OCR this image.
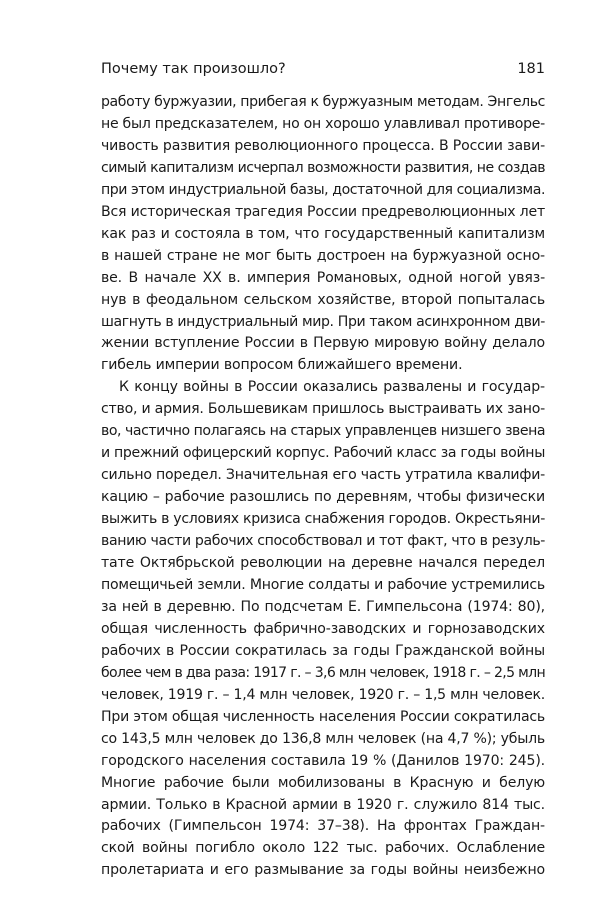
Почему так произошло?	181
работу буржуазии, прибегая к буржуазным методам. Энгельс
не был предсказателем, но он хорошо улавливал противоре-
чивость развития революционного процесса. В России зави-
симый капитализм исчерпал возможности развития, не создав
при этом индустриальной базы, достаточной для социализма.
Вся историческая трагедия России предреволюционных лет
как раз и состояла в том, что государственный капитализм
в нашей стране не мог быть достроен на буржуазной осно-
ве. В начале XX в. империя Романовых, одной ногой увяз-
нув в феодальном сельском хозяйстве, второй попыталась
шагнуть в индустриальный мир. При таком асинхронном дви-
жении вступление России в Первую мировую войну делало
гибель империи вопросом ближайшего времени.
К концу войны в России оказались развалены и государ-
ство, и армия. Большевикам пришлось выстраивать их зано-
во, частично полагаясь на старых управленцев низшего звена
и прежний офицерский корпус. Рабочий класс за годы войны
сильно поредел. Значительная его часть утратила квалифи-
кацию – рабочие разошлись по деревням, чтобы физически
выжить в условиях кризиса снабжения городов. Окрестьяни-
ванию части рабочих способствовал и тот факт, что в резуль-
тате Октябрьской революции на деревне начался передел
помещичьей земли. Многие солдаты и рабочие устремились
за ней в деревню. По подсчетам Е. Гимпельсона (1974: 80),
общая численность фабрично-заводских и горнозаводских
рабочих в России сократилась за годы Гражданской войны
более чем в два раза: 1917 г. – 3,6 млн человек, 1918 г. – 2,5 млн
человек, 1919 г. – 1,4 млн человек, 1920 г. – 1,5 млн человек.
При этом общая численность населения России сократилась
со 143,5 млн человек до 136,8 млн человек (на 4,7 %); убыль
городского населения составила 19 % (Данилов 1970: 245).
Многие рабочие были мобилизованы в Красную и белую
армии. Только в Красной армии в 1920 г. служило 814 тыс.
рабочих (Гимпельсон 1974: 37–38). На фронтах Граждан-
ской войны погибло около 122 тыс. рабочих. Ослабление
пролетариата и его размывание за годы войны неизбежно
